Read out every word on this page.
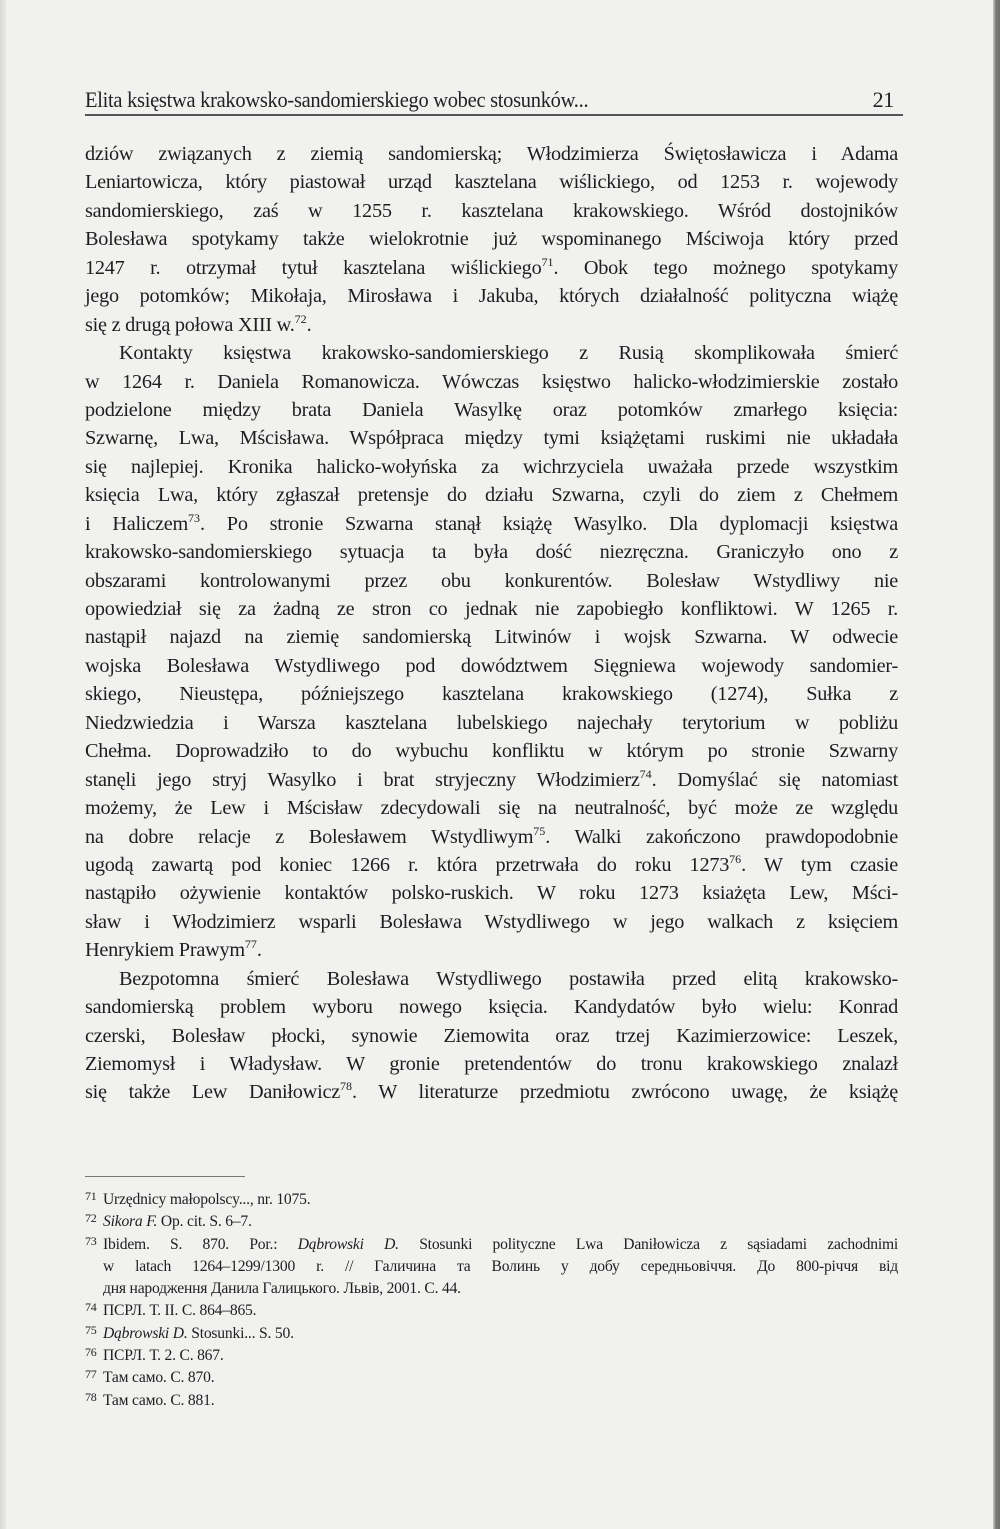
Elita księstwa krakowsko-sandomierskiego wobec stosunków...	21
dziów związanych z ziemią sandomierską; Włodzimierza Świętosławicza i Adama
Leniartowicza, który piastował urząd kasztelana wiślickiego, od 1253 r. wojewody
sandomierskiego, zaś w 1255 r. kasztelana krakowskiego. Wśród dostojników
Bolesława spotykamy także wielokrotnie już wspominanego Mściwoja który przed
1247 r. otrzymał tytuł kasztelana wiślickiego$^{71}$. Obok tego możnego spotykamy
jego potomków; Mikołaja, Mirosława i Jakuba, których działalność polityczna wiążę
się z drugą połowa XIII w.$^{72}$.
Kontakty księstwa krakowsko-sandomierskiego z Rusią skomplikowała śmierć
w 1264 r. Daniela Romanowicza. Wówczas księstwo halicko-włodzimierskie zostało
podzielone między brata Daniela Wasylkę oraz potomków zmarłego księcia:
Szwarnę, Lwa, Mścisława. Współpraca między tymi książętami ruskimi nie układała
się najlepiej. Kronika halicko-wołyńska za wichrzyciela uważała przede wszystkim
księcia Lwa, który zgłaszał pretensje do działu Szwarna, czyli do ziem z Chełmem
i Haliczem$^{73}$. Po stronie Szwarna stanął książę Wasylko. Dla dyplomacji księstwa
krakowsko-sandomierskiego sytuacja ta była dość niezręczna. Graniczyło ono z
obszarami kontrolowanymi przez obu konkurentów. Bolesław Wstydliwy nie
opowiedział się za żadną ze stron co jednak nie zapobiegło konfliktowi. W 1265 r.
nastąpił najazd na ziemię sandomierską Litwinów i wojsk Szwarna. W odwecie
wojska Bolesława Wstydliwego pod dowództwem Sięgniewa wojewody sandomier-
skiego, Nieustępa, późniejszego kasztelana krakowskiego (1274), Sułka z
Niedzwiedzia i Warsza kasztelana lubelskiego najechały terytorium w pobliżu
Chełma. Doprowadziło to do wybuchu konfliktu w którym po stronie Szwarny
stanęli jego stryj Wasylko i brat stryjeczny Włodzimierz$^{74}$. Domyślać się natomiast
możemy, że Lew i Mścisław zdecydowali się na neutralność, być może ze względu
na dobre relacje z Bolesławem Wstydliwym$^{75}$. Walki zakończono prawdopodobnie
ugodą zawartą pod koniec 1266 r. która przetrwała do roku 1273$^{76}$. W tym czasie
nastąpiło ożywienie kontaktów polsko-ruskich. W roku 1273 ksiażęta Lew, Mści-
sław i Włodzimierz wsparli Bolesława Wstydliwego w jego walkach z księciem
Henrykiem Prawym$^{77}$.
Bezpotomna śmierć Bolesława Wstydliwego postawiła przed elitą krakowsko-
sandomierską problem wyboru nowego księcia. Kandydatów było wielu: Konrad
czerski, Bolesław płocki, synowie Ziemowita oraz trzej Kazimierzowice: Leszek,
Ziemomysł i Władysław. W gronie pretendentów do tronu krakowskiego znalazł
się także Lew Daniłowicz$^{78}$. W literaturze przedmiotu zwrócono uwagę, że książę
71 Urzędnicy małopolscy..., nr. 1075.
72 Sikora F. Op. cit. S. 6–7.
73 Ibidem. S. 870. Por.: Dąbrowski D. Stosunki polityczne Lwa Daniłowicza z sąsiadami zachodnimi
w latach 1264–1299/1300 r. // Галичина та Волинь у добу середньовіччя. До 800-річчя від
дня народження Данила Галицького. Львів, 2001. С. 44.
74 ПСРЛ. Т. II. С. 864–865.
75 Dąbrowski D. Stosunki... S. 50.
76 ПСРЛ. Т. 2. С. 867.
77 Там само. С. 870.
78 Там само. С. 881.
